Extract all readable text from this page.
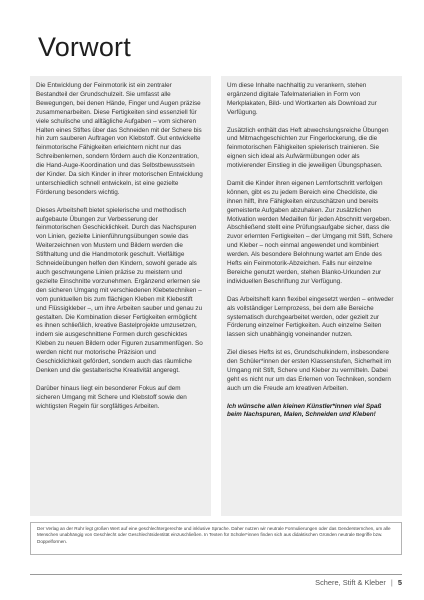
Vorwort

Die Entwicklung der Feinmotorik ist ein zentraler Bestandteil der Grundschulzeit. Sie umfasst alle Bewegungen, bei denen Hände, Finger und Augen präzise zusammenarbeiten. Diese Fertigkeiten sind essenziell für viele schulische und alltägliche Aufgaben – vom sicheren Halten eines Stiftes über das Schneiden mit der Schere bis hin zum sauberen Auftragen von Klebstoff. Gut entwickelte feinmotorische Fähigkeiten erleichtern nicht nur das Schreibenlernen, sondern fördern auch die Konzentration, die Hand-Auge-Koordination und das Selbstbewusstsein der Kinder. Da sich Kinder in ihrer motorischen Entwicklung unterschiedlich schnell entwickeln, ist eine gezielte Förderung besonders wichtig.

Dieses Arbeitsheft bietet spielerische und methodisch aufgebaute Übungen zur Verbesserung der feinmotorischen Geschicklichkeit. Durch das Nachspuren von Linien, gezielte Linienführungsübungen sowie das Weiterzeichnen von Mustern und Bildern werden die Stifthaltung und die Handmotorik geschult. Vielfältige Schneideübungen helfen den Kindern, sowohl gerade als auch geschwungene Linien präzise zu meistern und gezielte Einschnitte vorzunehmen. Ergänzend erlernen sie den sicheren Umgang mit verschiedenen Klebetechniken – vom punktuellen bis zum flächigen Kleben mit Klebestift und Flüssigkleber –, um ihre Arbeiten sauber und genau zu gestalten. Die Kombination dieser Fertigkeiten ermöglicht es ihnen schließlich, kreative Bastelprojekte umzusetzen, indem sie ausgeschnittene Formen durch geschicktes Kleben zu neuen Bildern oder Figuren zusammenfügen. So werden nicht nur motorische Präzision und Geschicklichkeit gefördert, sondern auch das räumliche Denken und die gestalterische Kreativität angeregt.

Darüber hinaus liegt ein besonderer Fokus auf dem sicheren Umgang mit Schere und Klebstoff sowie den wichtigsten Regeln für sorgfältiges Arbeiten.

Um diese Inhalte nachhaltig zu verankern, stehen ergänzend digitale Tafelmaterialien in Form von Merkplakaten, Bild- und Wortkarten als Download zur Verfügung.

Zusätzlich enthält das Heft abwechslungsreiche Übungen und Mitmachgeschichten zur Fingerlockerung, die die feinmotorischen Fähigkeiten spielerisch trainieren. Sie eignen sich ideal als Aufwärmübungen oder als motivierender Einstieg in die jeweiligen Übungsphasen.

Damit die Kinder ihren eigenen Lernfortschritt verfolgen können, gibt es zu jedem Bereich eine Checkliste, die ihnen hilft, ihre Fähigkeiten einzuschätzen und bereits gemeisterte Aufgaben abzuhaken. Zur zusätzlichen Motivation werden Medaillen für jeden Abschnitt vergeben. Abschließend stellt eine Prüfungsaufgabe sicher, dass die zuvor erlernten Fertigkeiten – der Umgang mit Stift, Schere und Kleber – noch einmal angewendet und kombiniert werden. Als besondere Belohnung wartet am Ende des Hefts ein Feinmotorik-Abzeichen. Falls nur einzelne Bereiche genutzt werden, stehen Blanko-Urkunden zur individuellen Beschriftung zur Verfügung.

Das Arbeitsheft kann flexibel eingesetzt werden – entweder als vollständiger Lernprozess, bei dem alle Bereiche systematisch durchgearbeitet werden, oder gezielt zur Förderung einzelner Fertigkeiten. Auch einzelne Seiten lassen sich unabhängig voneinander nutzen.

Ziel dieses Hefts ist es, Grundschulkindern, insbesondere den Schüler*innen der ersten Klassenstufen, Sicherheit im Umgang mit Stift, Schere und Kleber zu vermitteln. Dabei geht es nicht nur um das Erlernen von Techniken, sondern auch um die Freude am kreativen Arbeiten.

Ich wünsche allen kleinen Künstler*innen viel Spaß beim Nachspuren, Malen, Schneiden und Kleben!

Der Verlag an der Ruhr legt großen Wert auf eine geschlechtergerechte und inklusive Sprache. Daher nutzen wir neutrale Formulierungen oder das Gendersternchen, um alle Menschen unabhängig von Geschlecht oder Geschlechtsidentität einzuschließen. In Texten für Schüler*innen finden sich aus didaktischen Gründen neutrale Begriffe bzw. Doppelformen.
Schere, Stift & Kleber | 5
